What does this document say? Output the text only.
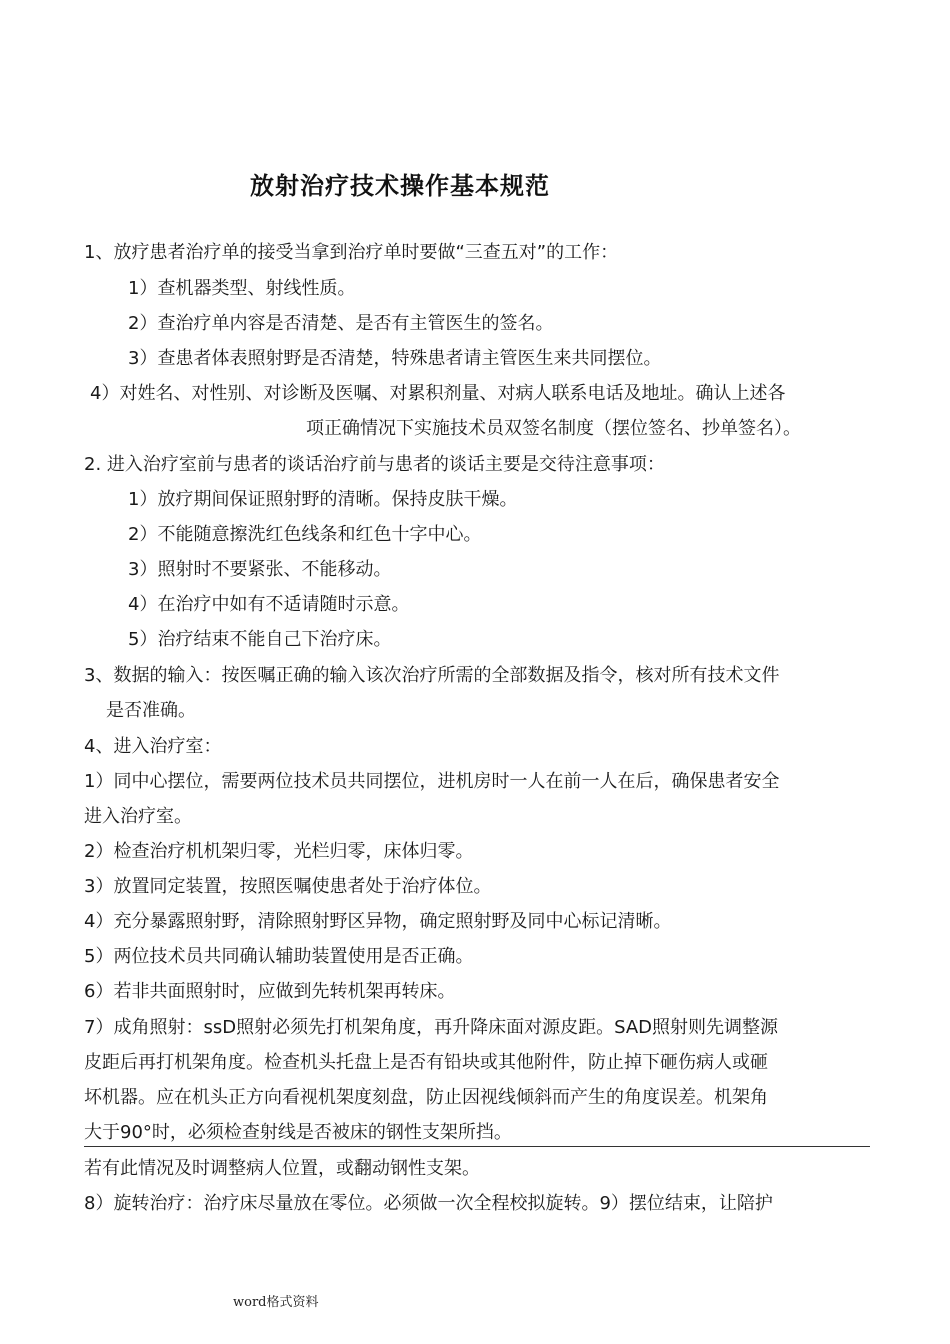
放射治疗技术操作基本规范
1、放疗患者治疗单的接受当拿到治疗单时要做“三查五对”的工作：
1）查机器类型、射线性质。
2）查治疗单内容是否清楚、是否有主管医生的签名。
3）查患者体表照射野是否清楚，特殊患者请主管医生来共同摆位。
4）对姓名、对性别、对诊断及医嘱、对累积剂量、对病人联系电话及地址。确认上述各
项正确情况下实施技术员双签名制度（摆位签名、抄单签名）。
2. 进入治疗室前与患者的谈话治疗前与患者的谈话主要是交待注意事项：
1）放疗期间保证照射野的清晰。保持皮肤干燥。
2）不能随意擦洗红色线条和红色十字中心。
3）照射时不要紧张、不能移动。
4）在治疗中如有不适请随时示意。
5）治疗结束不能自己下治疗床。
3、数据的输入：按医嘱正确的输入该次治疗所需的全部数据及指令，核对所有技术文件
是否准确。
4、进入治疗室：
1）同中心摆位，需要两位技术员共同摆位，进机房时一人在前一人在后，确保患者安全
进入治疗室。
2）检查治疗机机架归零，光栏归零，床体归零。
3）放置同定装置，按照医嘱使患者处于治疗体位。
4）充分暴露照射野，清除照射野区异物，确定照射野及同中心标记清晰。
5）两位技术员共同确认辅助装置使用是否正确。
6）若非共面照射时，应做到先转机架再转床。
7）成角照射：ssD照射必须先打机架角度，再升降床面对源皮距。SAD照射则先调整源
皮距后再打机架角度。检查机头托盘上是否有铅块或其他附件，防止掉下砸伤病人或砸
坏机器。应在机头正方向看视机架度刻盘，防止因视线倾斜而产生的角度误差。机架角
大于90°时，必须检查射线是否被床的钢性支架所挡。
若有此情况及时调整病人位置，或翻动钢性支架。
8）旋转治疗：治疗床尽量放在零位。必须做一次全程校拟旋转。9）摆位结束，让陪护
word格式资料
